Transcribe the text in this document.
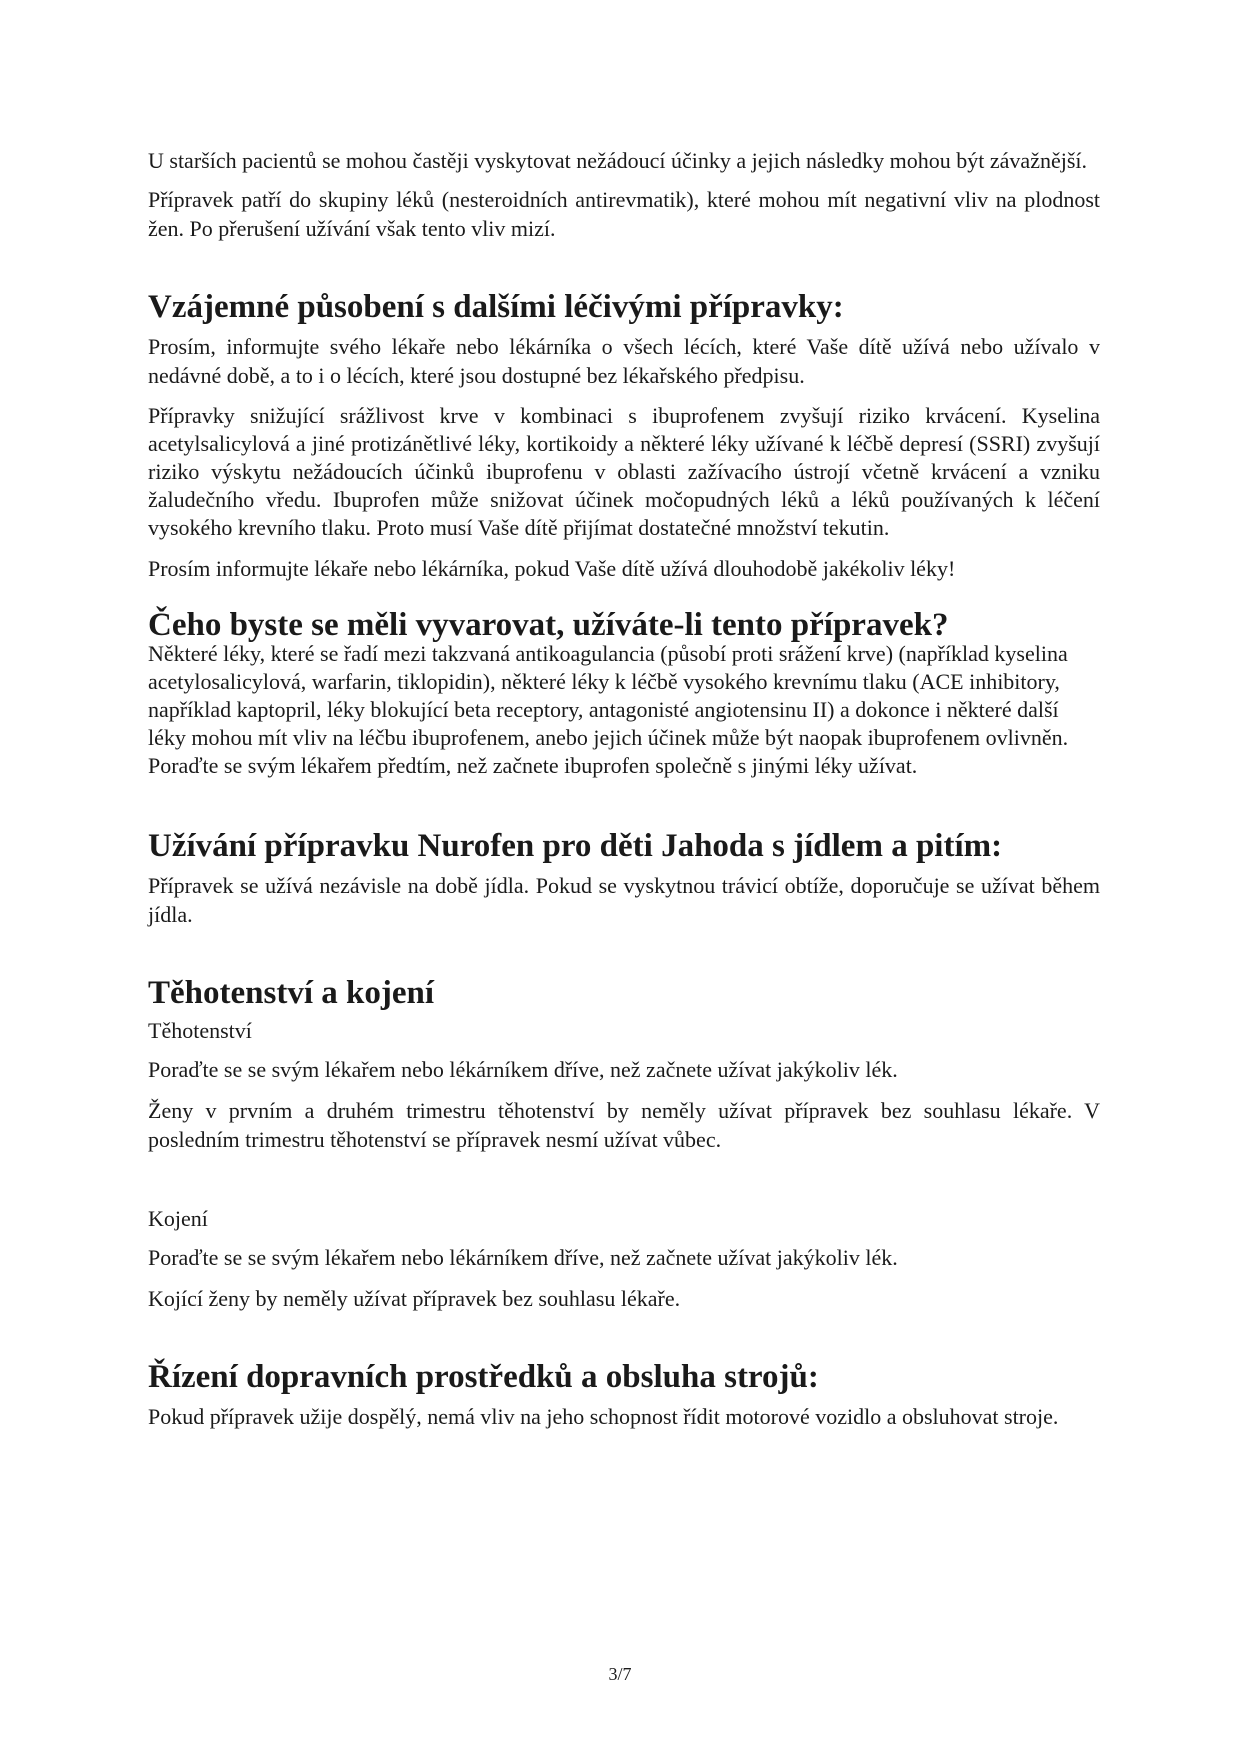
U starších pacientů se mohou častěji vyskytovat nežádoucí účinky a jejich následky mohou být závažnější.

Přípravek patří do skupiny léků (nesteroidních antirevmatik), které mohou mít negativní vliv na plodnost žen. Po přerušení užívání však tento vliv mizí.

Vzájemné působení s dalšími léčivými přípravky:

Prosím, informujte svého lékaře nebo lékárníka o všech lécích, které Vaše dítě užívá nebo užívalo v nedávné době, a to i o lécích, které jsou dostupné bez lékařského předpisu.

Přípravky snižující srážlivost krve v kombinaci s ibuprofenem zvyšují riziko krvácení. Kyselina acetylsalicylová a jiné protizánětlivé léky, kortikoidy a některé léky užívané k léčbě depresí (SSRI) zvyšují riziko výskytu nežádoucích účinků ibuprofenu v oblasti zažívacího ústrojí včetně krvácení a vzniku žaludečního vředu. Ibuprofen může snižovat účinek močopudných léků a léků používaných k léčení vysokého krevního tlaku. Proto musí Vaše dítě přijímat dostatečné množství tekutin.

Prosím informujte lékaře nebo lékárníka, pokud Vaše dítě užívá dlouhodobě jakékoliv léky!

Čeho byste se měli vyvarovat, užíváte-li tento přípravek?

Některé léky, které se řadí mezi takzvaná antikoagulancia (působí proti srážení krve) (například kyselina acetylosalicylová, warfarin, tiklopidin), některé léky k léčbě vysokého krevnímu tlaku (ACE inhibitory, například kaptopril, léky blokující beta receptory, antagonisté angiotensinu II) a dokonce i některé další léky mohou mít vliv na léčbu ibuprofenem, anebo jejich účinek může být naopak ibuprofenem ovlivněn. Poraďte se svým lékařem předtím, než začnete ibuprofen společně s jinými léky užívat.

Užívání přípravku Nurofen pro děti Jahoda s jídlem a pitím:

Přípravek se užívá nezávisle na době jídla. Pokud se vyskytnou trávicí obtíže, doporučuje se užívat během jídla.

Těhotenství a kojení

Těhotenství

Poraďte se se svým lékařem nebo lékárníkem dříve, než začnete užívat jakýkoliv lék.

Ženy v prvním a druhém trimestru těhotenství by neměly užívat přípravek bez souhlasu lékaře. V posledním trimestru těhotenství se přípravek nesmí užívat vůbec.

Kojení

Poraďte se se svým lékařem nebo lékárníkem dříve, než začnete užívat jakýkoliv lék.

Kojící ženy by neměly užívat přípravek bez souhlasu lékaře.

Řízení dopravních prostředků a obsluha strojů:

Pokud přípravek užije dospělý, nemá vliv na jeho schopnost řídit motorové vozidlo a obsluhovat stroje.

3/7
